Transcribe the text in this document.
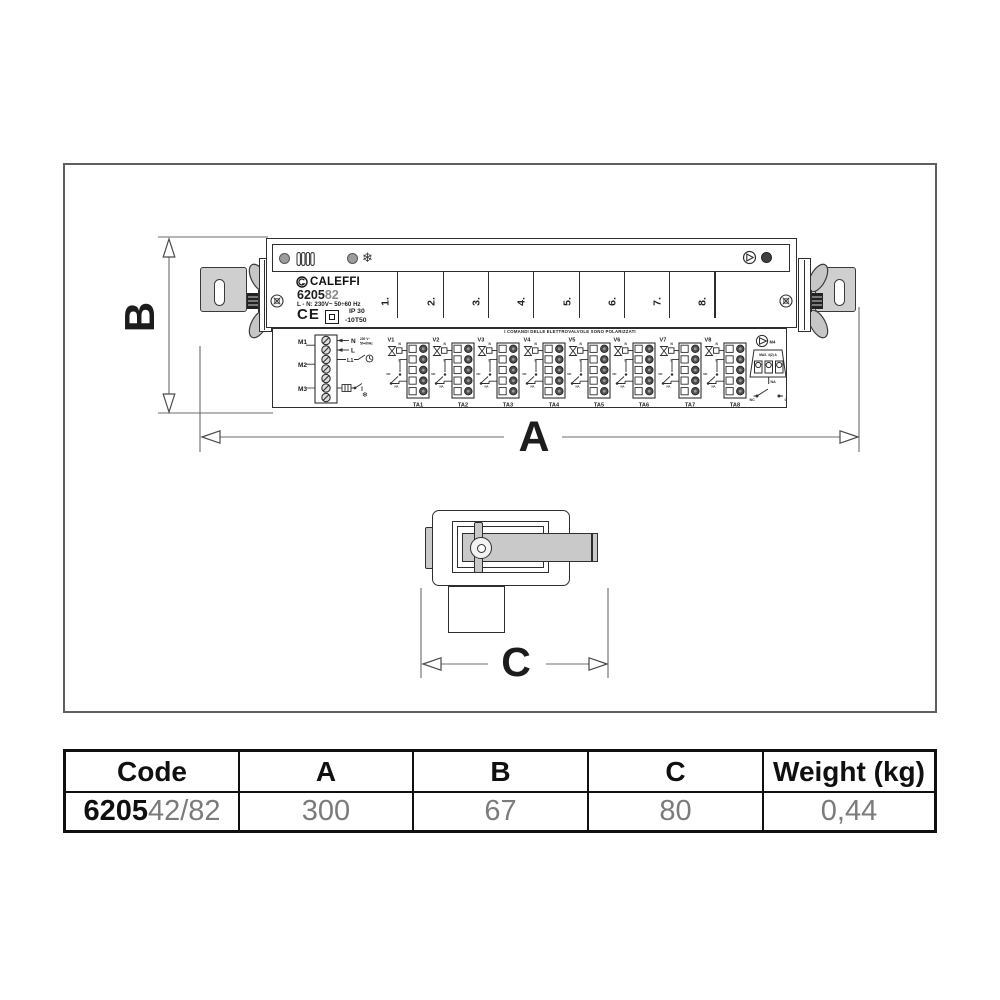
❄
CALEFFI
620582
L - N: 230V~ 50÷60 Hz
CE	IP 30
-10T50
1.	2.	3.	4.	5.	6.	7.	8.
I COMANDI DELLE ELETTROVALVOLE SONO POLARIZZATI
M1
M2
M3
N 230 V~
50÷60Hz
L
L1
❄
V1
N
L
NC
NA
TA1
V2
N
L
NC
NA
TA2
V3
N
L
NC
NA
TA3
V4
N
L
NC
NA
TA4
V5
N
L
NC
NA
TA5
V6
N
L
NC
NA
TA6
V7
N
L
NC
NA
TA7
V8
N
L
NC
NA
TA8
M4
MAX. 4(2) A
NA
NC	C
B
A
C
Code	A	B	C	Weight (kg)
6205 42/82	300	67	80	0,44
